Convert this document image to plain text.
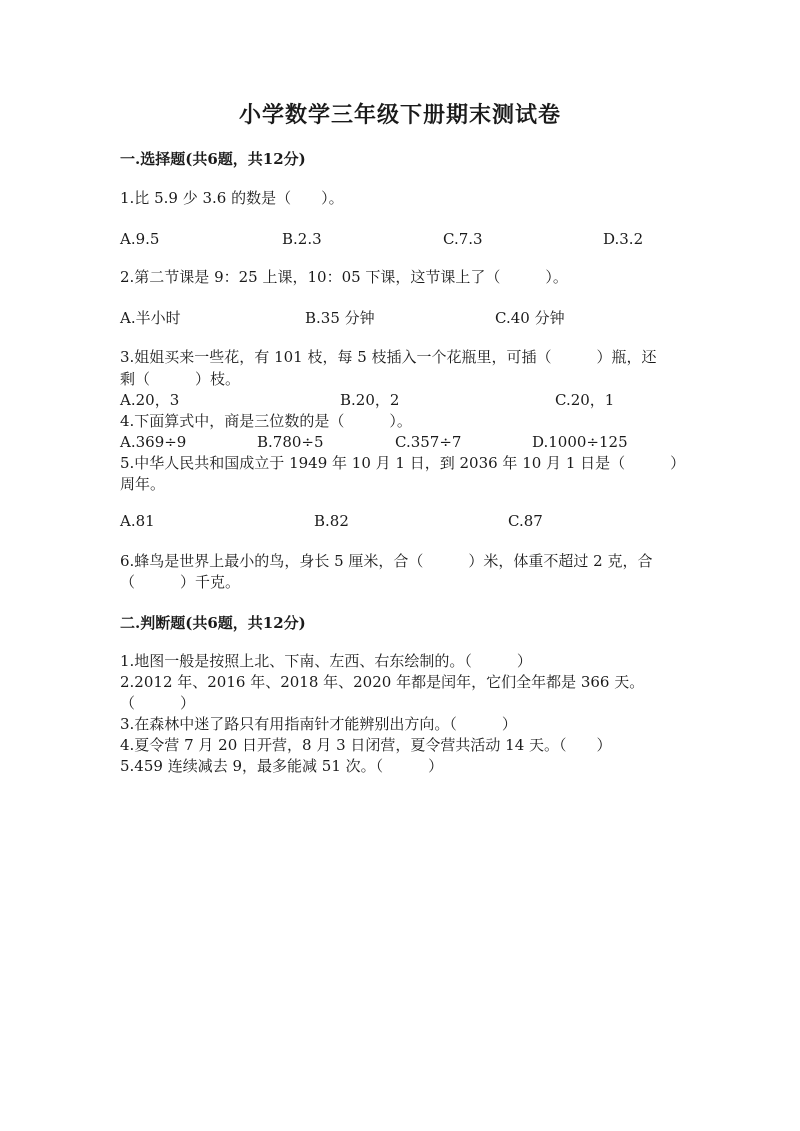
小学数学三年级下册期末测试卷
一.选择题(共6题，共12分)
1.比 5.9 少 3.6 的数是（　　）。
A.9.5	B.2.3	C.7.3	D.3.2
2.第二节课是 9：25 上课，10：05 下课，这节课上了（　　　）。
A.半小时	B.35 分钟	C.40 分钟
3.姐姐买来一些花，有 101 枝，每 5 枝插入一个花瓶里，可插（　　　）瓶，还
剩（　　　）枝。
A.20，3	B.20，2	C.20，1
4.下面算式中，商是三位数的是（　　　）。
A.369÷9	B.780÷5	C.357÷7	D.1000÷125
5.中华人民共和国成立于 1949 年 10 月 1 日，到 2036 年 10 月 1 日是（　　　）
周年。
A.81	B.82	C.87
6.蜂鸟是世界上最小的鸟，身长 5 厘米，合（　　　）米，体重不超过 2 克，合
（　　　）千克。
二.判断题(共6题，共12分)
1.地图一般是按照上北、下南、左西、右东绘制的。（　　　）
2.2012 年、2016 年、2018 年、2020 年都是闰年，它们全年都是 366 天。
（　　　）
3.在森林中迷了路只有用指南针才能辨别出方向。（　　　）
4.夏令营 7 月 20 日开营，8 月 3 日闭营，夏令营共活动 14 天。（　　）
5.459 连续减去 9，最多能减 51 次。（　　　）
